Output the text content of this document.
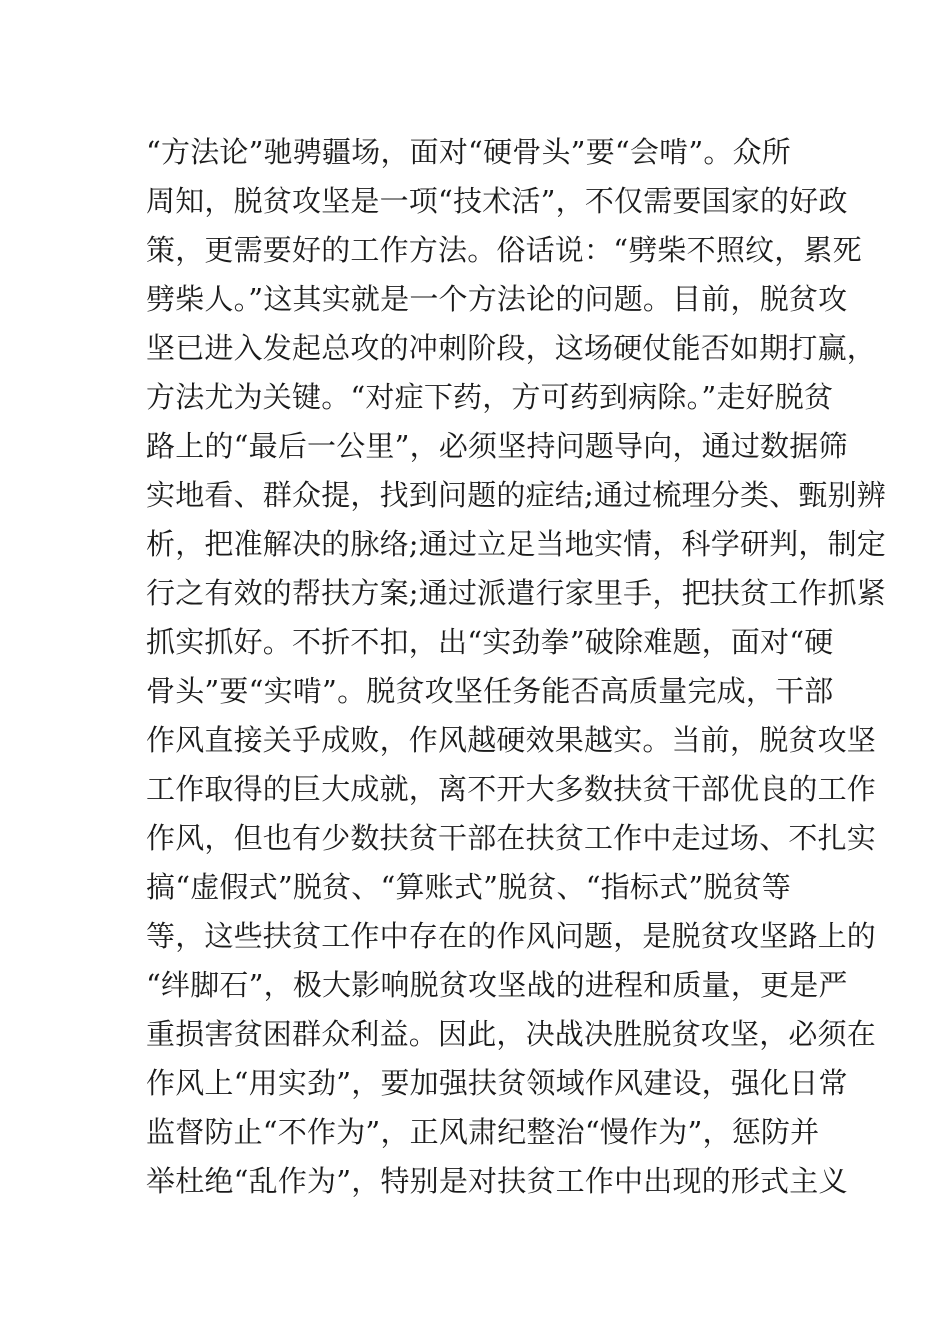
“方法论”驰骋疆场，面对“硬骨头”要“会啃”。众所
周知，脱贫攻坚是一项“技术活”，不仅需要国家的好政
策，更需要好的工作方法。俗话说：“劈柴不照纹，累死
劈柴人。”这其实就是一个方法论的问题。目前，脱贫攻
坚已进入发起总攻的冲刺阶段，这场硬仗能否如期打赢，
方法尤为关键。“对症下药，方可药到病除。”走好脱贫
路上的“最后一公里”，必须坚持问题导向，通过数据筛
实地看、群众提，找到问题的症结;通过梳理分类、甄别辨
析，把准解决的脉络;通过立足当地实情，科学研判，制定
行之有效的帮扶方案;通过派遣行家里手，把扶贫工作抓紧
抓实抓好。不折不扣，出“实劲拳”破除难题，面对“硬
骨头”要“实啃”。脱贫攻坚任务能否高质量完成，干部
作风直接关乎成败，作风越硬效果越实。当前，脱贫攻坚
工作取得的巨大成就，离不开大多数扶贫干部优良的工作
作风，但也有少数扶贫干部在扶贫工作中走过场、不扎实
搞“虚假式”脱贫、“算账式”脱贫、“指标式”脱贫等
等，这些扶贫工作中存在的作风问题，是脱贫攻坚路上的
“绊脚石”，极大影响脱贫攻坚战的进程和质量，更是严
重损害贫困群众利益。因此，决战决胜脱贫攻坚，必须在
作风上“用实劲”，要加强扶贫领域作风建设，强化日常
监督防止“不作为”，正风肃纪整治“慢作为”，惩防并
举杜绝“乱作为”，特别是对扶贫工作中出现的形式主义
